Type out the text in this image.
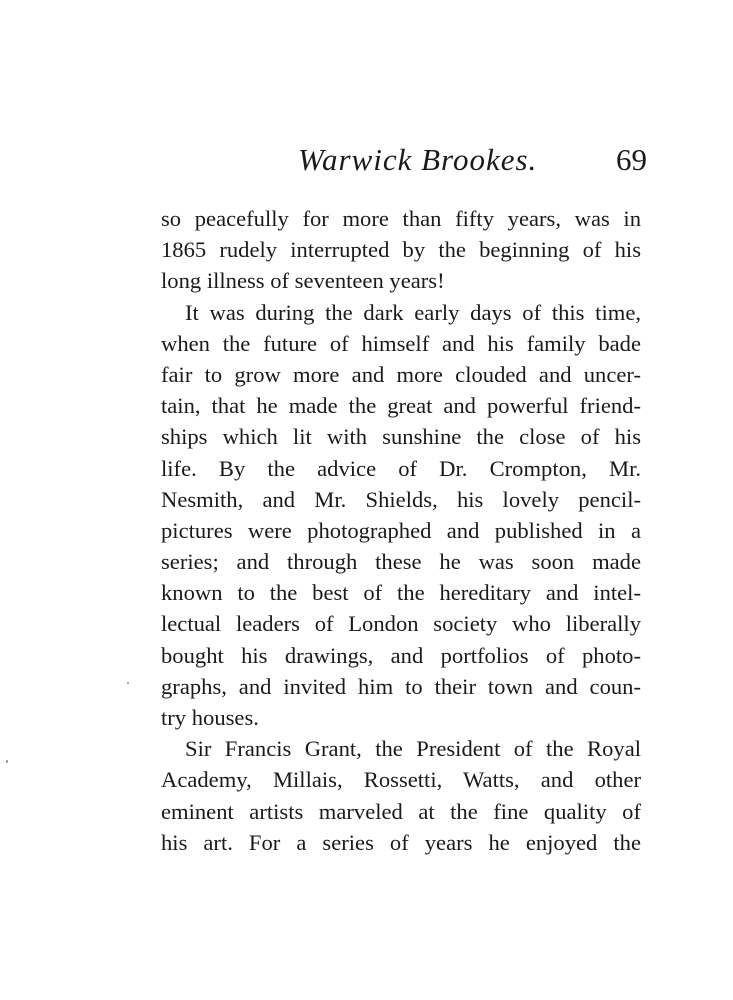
Warwick Brookes.	69
so peacefully for more than fifty years, was in
1865 rudely interrupted by the beginning of his
long illness of seventeen years!
It was during the dark early days of this time,
when the future of himself and his family bade
fair to grow more and more clouded and uncer-
tain, that he made the great and powerful friend-
ships which lit with sunshine the close of his
life. By the advice of Dr. Crompton, Mr.
Nesmith, and Mr. Shields, his lovely pencil-
pictures were photographed and published in a
series; and through these he was soon made
known to the best of the hereditary and intel-
lectual leaders of London society who liberally
bought his drawings, and portfolios of photo-
graphs, and invited him to their town and coun-
try houses.
Sir Francis Grant, the President of the Royal
Academy, Millais, Rossetti, Watts, and other
eminent artists marveled at the fine quality of
his art. For a series of years he enjoyed the
